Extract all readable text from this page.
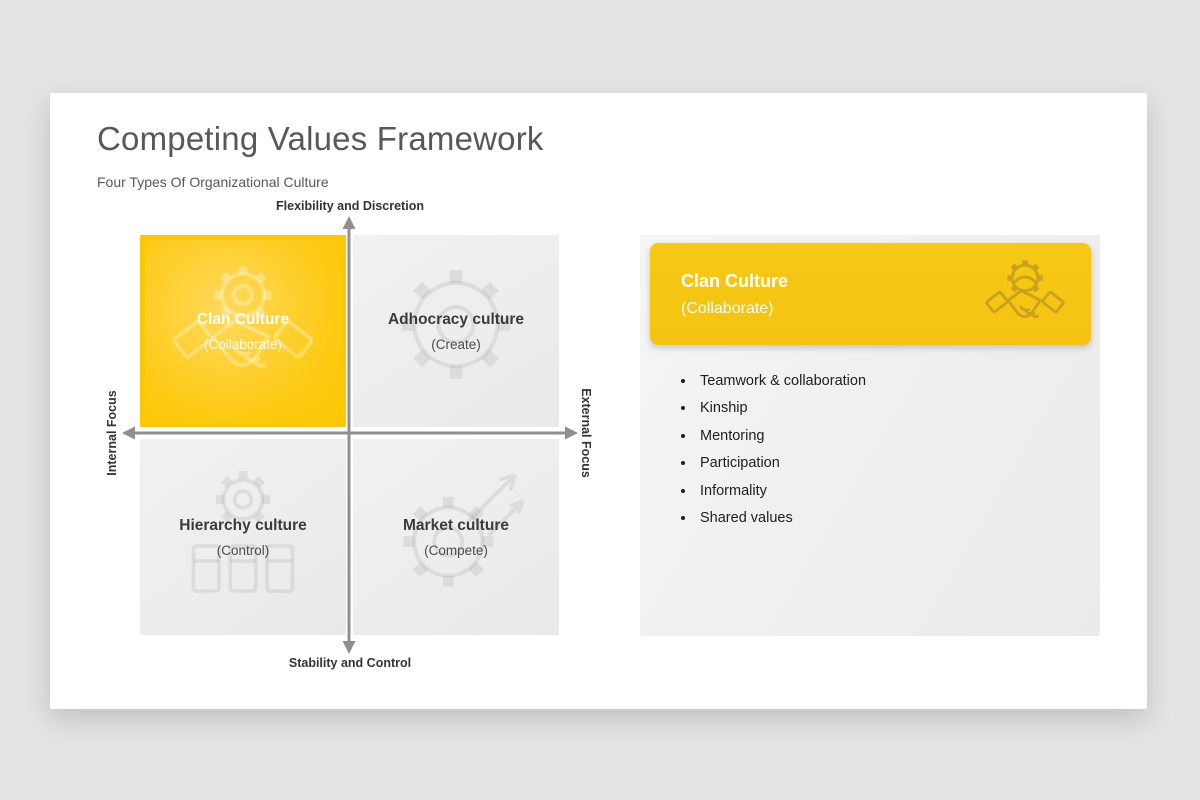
Competing Values Framework
Four Types Of Organizational Culture
Flexibility and Discretion
Stability and Control
Internal Focus	External Focus
Clan Culture
(Collaborate)
Adhocracy culture
(Create)
Hierarchy culture
(Control)
Market culture
(Compete)
Clan Culture
(Collaborate)
Teamwork & collaboration
Kinship
Mentoring
Participation
Informality
Shared values
